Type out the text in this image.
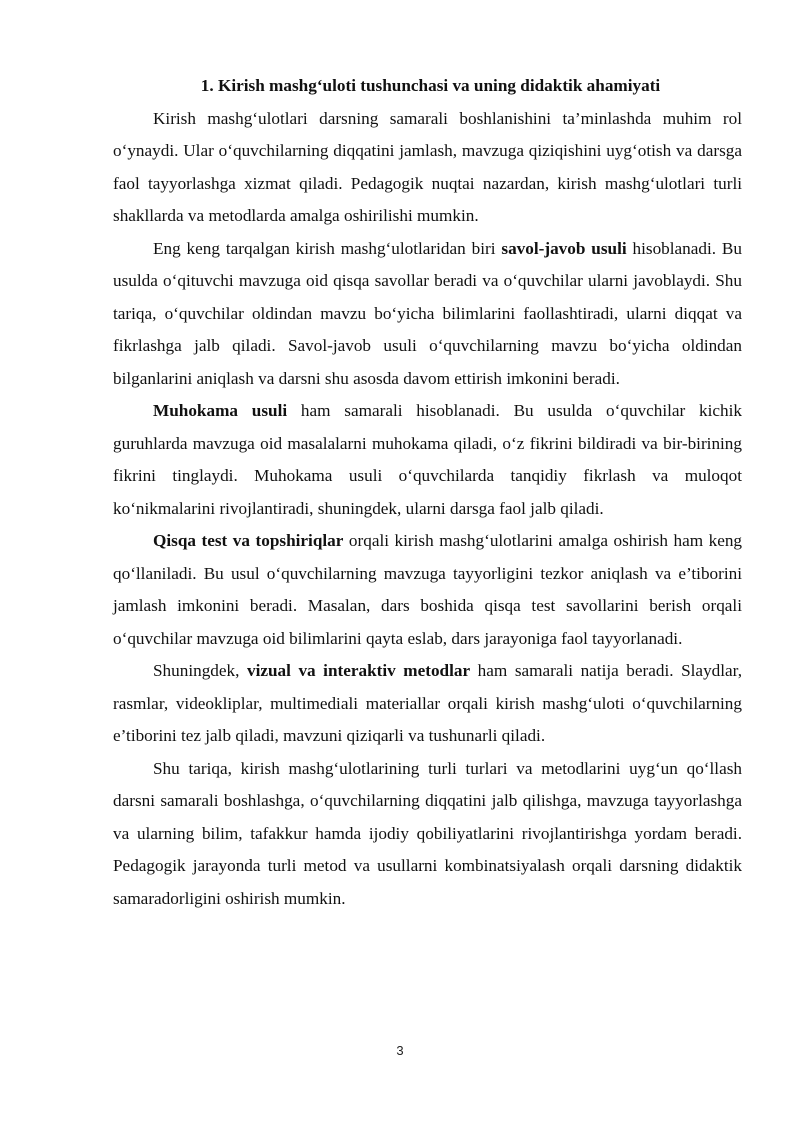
1. Kirish mashg‘uloti tushunchasi va uning didaktik ahamiyati

Kirish mashg‘ulotlari darsning samarali boshlanishini ta’minlashda muhim rol o‘ynaydi. Ular o‘quvchilarning diqqatini jamlash, mavzuga qiziqishini uyg‘otish va darsga faol tayyorlashga xizmat qiladi. Pedagogik nuqtai nazardan, kirish mashg‘ulotlari turli shakllarda va metodlarda amalga oshirilishi mumkin.

Eng keng tarqalgan kirish mashg‘ulotlaridan biri savol-javob usuli hisoblanadi. Bu usulda o‘qituvchi mavzuga oid qisqa savollar beradi va o‘quvchilar ularni javoblaydi. Shu tariqa, o‘quvchilar oldindan mavzu bo‘yicha bilimlarini faollashtiradi, ularni diqqat va fikrlashga jalb qiladi. Savol-javob usuli o‘quvchilarning mavzu bo‘yicha oldindan bilganlarini aniqlash va darsni shu asosda davom ettirish imkonini beradi.

Muhokama usuli ham samarali hisoblanadi. Bu usulda o‘quvchilar kichik guruhlarda mavzuga oid masalalarni muhokama qiladi, o‘z fikrini bildiradi va bir-birining fikrini tinglaydi. Muhokama usuli o‘quvchilarda tanqidiy fikrlash va muloqot ko‘nikmalarini rivojlantiradi, shuningdek, ularni darsga faol jalb qiladi.

Qisqa test va topshiriqlar orqali kirish mashg‘ulotlarini amalga oshirish ham keng qo‘llaniladi. Bu usul o‘quvchilarning mavzuga tayyorligini tezkor aniqlash va e’tiborini jamlash imkonini beradi. Masalan, dars boshida qisqa test savollarini berish orqali o‘quvchilar mavzuga oid bilimlarini qayta eslab, dars jarayoniga faol tayyorlanadi.

Shuningdek, vizual va interaktiv metodlar ham samarali natija beradi. Slaydlar, rasmlar, videokliplar, multimediali materiallar orqali kirish mashg‘uloti o‘quvchilarning e’tiborini tez jalb qiladi, mavzuni qiziqarli va tushunarli qiladi.

Shu tariqa, kirish mashg‘ulotlarining turli turlari va metodlarini uyg‘un qo‘llash darsni samarali boshlashga, o‘quvchilarning diqqatini jalb qilishga, mavzuga tayyorlashga va ularning bilim, tafakkur hamda ijodiy qobiliyatlarini rivojlantirishga yordam beradi. Pedagogik jarayonda turli metod va usullarni kombinatsiyalash orqali darsning didaktik samaradorligini oshirish mumkin.

3
